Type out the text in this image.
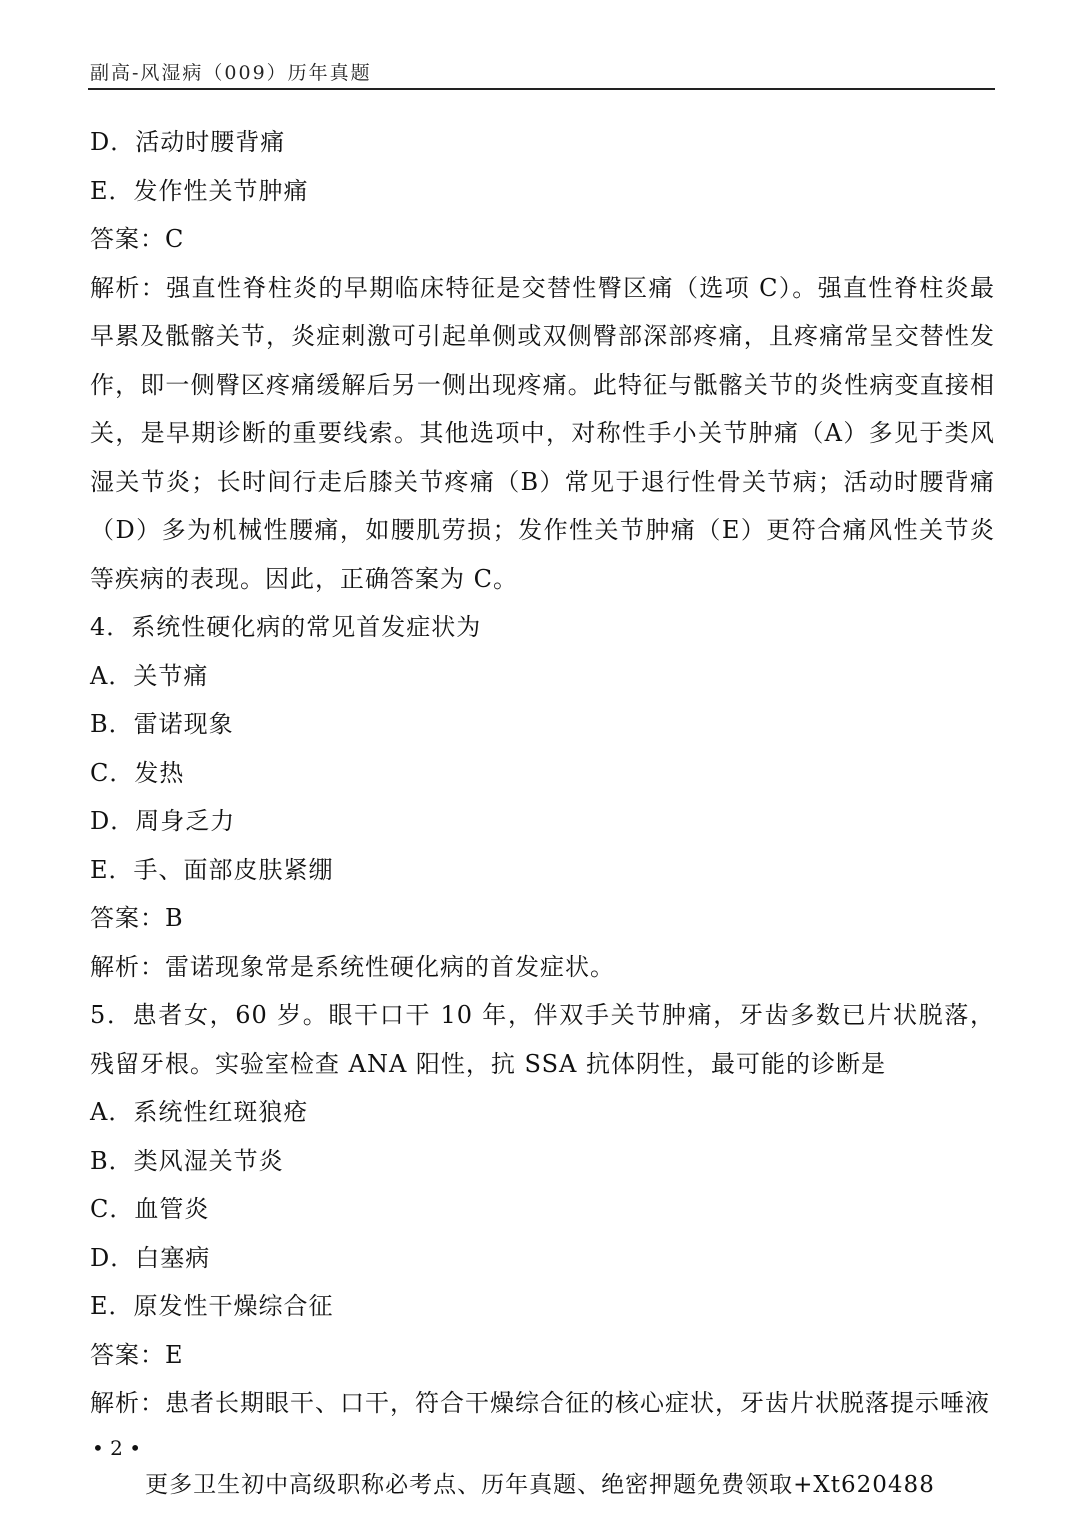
副高-风湿病（009）历年真题
D．活动时腰背痛
E．发作性关节肿痛
答案：C
解析：强直性脊柱炎的早期临床特征是交替性臀区痛（选项 C）。强直性脊柱炎最早累及骶髂关节，炎症刺激可引起单侧或双侧臀部深部疼痛，且疼痛常呈交替性发作，即一侧臀区疼痛缓解后另一侧出现疼痛。此特征与骶髂关节的炎性病变直接相关，是早期诊断的重要线索。其他选项中，对称性手小关节肿痛（A）多见于类风湿关节炎；长时间行走后膝关节疼痛（B）常见于退行性骨关节病；活动时腰背痛（D）多为机械性腰痛，如腰肌劳损；发作性关节肿痛（E）更符合痛风性关节炎等疾病的表现。因此，正确答案为 C。
4．系统性硬化病的常见首发症状为
A．关节痛
B．雷诺现象
C．发热
D．周身乏力
E．手、面部皮肤紧绷
答案：B
解析：雷诺现象常是系统性硬化病的首发症状。
5．患者女，60 岁。眼干口干 10 年，伴双手关节肿痛，牙齿多数已片状脱落，残留牙根。实验室检查 ANA 阳性，抗 SSA 抗体阴性，最可能的诊断是
A．系统性红斑狼疮
B．类风湿关节炎
C．血管炎
D．白塞病
E．原发性干燥综合征
答案：E
解析：患者长期眼干、口干，符合干燥综合征的核心症状，牙齿片状脱落提示唾液
• 2 •
更多卫生初中高级职称必考点、历年真题、绝密押题免费领取+Xt620488
